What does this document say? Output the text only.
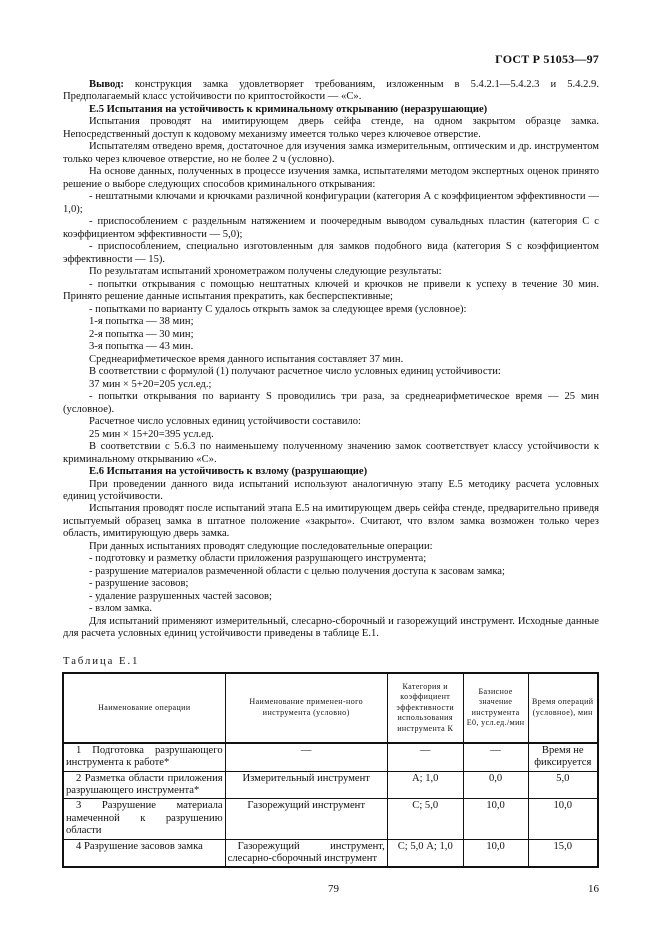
ГОСТ Р 51053—97

Вывод: конструкция замка удовлетворяет требованиям, изложенным в 5.4.2.1—5.4.2.3 и 5.4.2.9. Предполагаемый класс устойчивости по криптостойкости — «С».

Е.5 Испытания на устойчивость к криминальному открыванию (неразрушающие)

Испытания проводят на имитирующем дверь сейфа стенде, на одном закрытом образце замка. Непосредственный доступ к кодовому механизму имеется только через ключевое отверстие.

Испытателям отведено время, достаточное для изучения замка измерительным, оптическим и др. инструментом только через ключевое отверстие, но не более 2 ч (условно).

На основе данных, полученных в процессе изучения замка, испытателями методом экспертных оценок принято решение о выборе следующих способов криминального открывания:

- нештатными ключами и крючками различной конфигурации (категория А с коэффициентом эффективности — 1,0);

- приспособлением с раздельным натяжением и поочередным выводом сувальдных пластин (категория С с коэффициентом эффективности — 5,0);

- приспособлением, специально изготовленным для замков подобного вида (категория S с коэффициентом эффективности — 15).

По результатам испытаний хронометражом получены следующие результаты:

- попытки открывания с помощью нештатных ключей и крючков не привели к успеху в течение 30 мин. Принято решение данные испытания прекратить, как бесперспективные;

- попытками по варианту С удалось открыть замок за следующее время (условное):

1-я попытка — 38 мин;

2-я попытка — 30 мин;

3-я попытка — 43 мин.

Среднеарифметическое время данного испытания составляет 37 мин.

В соответствии с формулой (1) получают расчетное число условных единиц устойчивости:

37 мин × 5+20=205 усл.ед.;

- попытки открывания по варианту S проводились три раза, за среднеарифметическое время — 25 мин (условное).

Расчетное число условных единиц устойчивости составило:

25 мин × 15+20=395 усл.ед.

В соответствии с 5.6.3 по наименьшему полученному значению замок соответствует классу устойчивости к криминальному открыванию «С».

Е.6 Испытания на устойчивость к взлому (разрушающие)

При проведении данного вида испытаний используют аналогичную этапу Е.5 методику расчета условных единиц устойчивости.

Испытания проводят после испытаний этапа Е.5 на имитирующем дверь сейфа стенде, предварительно приведя испытуемый образец замка в штатное положение «закрыто». Считают, что взлом замка возможен только через область, имитирующую дверь замка.

При данных испытаниях проводят следующие последовательные операции:

- подготовку и разметку области приложения разрушающего инструмента;

- разрушение материалов размеченной области с целью получения доступа к засовам замка;

- разрушение засовов;

- удаление разрушенных частей засовов;

- взлом замка.

Для испытаний применяют измерительный, слесарно-сборочный и газорежущий инструмент. Исходные данные для расчета условных единиц устойчивости приведены в таблице Е.1.

Таблица Е.1
Наименование операции	Наименование применен-ного инструмента (условно)	Категория и коэффициент эффективности использования инструмента К	Базисное значение инструмента Е0, усл.ед./мин	Время операций (условное), мин
1 Подготовка разрушающего инструмента к работе*	—	—	—	Время не фиксируется
2 Разметка области приложения разрушающего инструмента*	Измерительный инструмент	А; 1,0	0,0	5,0
3 Разрушение материала намеченной к разрушению области	Газорежущий инструмент	С; 5,0	10,0	10,0
4 Разрушение засовов замка	Газорежущий инструмент, слесарно-сборочный инструмент	С; 5,0 А; 1,0	10,0	15,0
79	16
